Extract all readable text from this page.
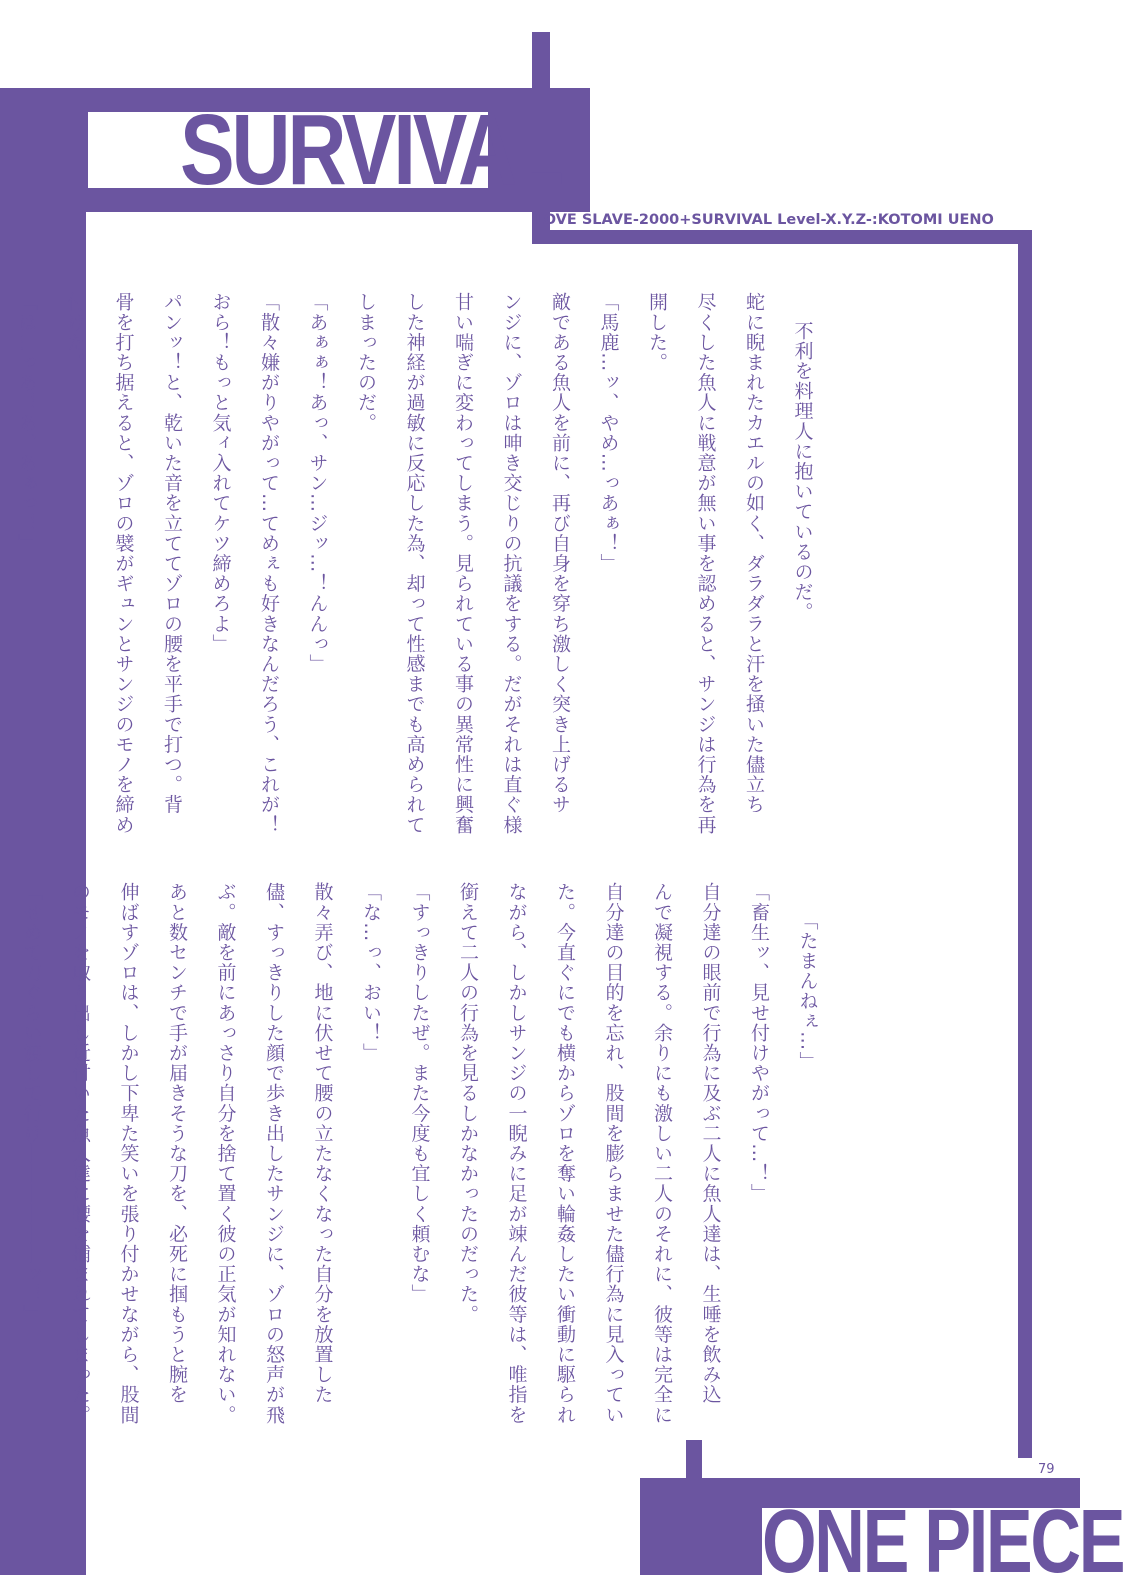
SURVIVAL
LOVE SLAVE-2000+SURVIVAL Level-X.Y.Z-:KOTOMI UENO

不利を料理人に抱いているのだ。
蛇に睨まれたカエルの如く、ダラダラと汗を掻いた儘立ち
尽くした魚人に戦意が無い事を認めると、サンジは行為を再
開した。
「馬鹿…ッ、やめ…っあぁ！」
敵である魚人を前に、再び自身を穿ち激しく突き上げるサ
ンジに、ゾロは呻き交じりの抗議をする。だがそれは直ぐ様
甘い喘ぎに変わってしまう。見られている事の異常性に興奮
した神経が過敏に反応した為、却って性感までも高められて
しまったのだ。
「あぁぁ！あっ、サン…ジッ…！んんっ」
「散々嫌がりやがって…てめぇも好きなんだろう、これが！
おら！もっと気ィ入れてケツ締めろよ」
パンッ！と、乾いた音を立ててゾロの腰を平手で打つ。背
骨を打ち据えると、ゾロの襞がギュンとサンジのモノを締め
付けた。
「は…っあ！あ、あぁっ！」

「たまんねぇ…」
「畜生ッ、見せ付けやがって…！」
自分達の眼前で行為に及ぶ二人に魚人達は、生唾を飲み込
んで凝視する。余りにも激しい二人のそれに、彼等は完全に
自分達の目的を忘れ、股間を膨らませた儘行為に見入ってい
た。今直ぐにでも横からゾロを奪い輪姦したい衝動に駆られ
ながら、しかしサンジの一睨みに足が竦んだ彼等は、唯指を
銜えて二人の行為を見るしかなかったのだった。
「すっきりしたぜ。また今度も宜しく頼むな」
「な…っ、おい！」
散々弄び、地に伏せて腰の立たなくなった自分を放置した
儘、すっきりした顔で歩き出したサンジに、ゾロの怒声が飛
ぶ。敵を前にあっさり自分を捨て置く彼の正気が知れない。
あと数センチで手が届きそうな刀を、必死に掴もうと腕を
伸ばすゾロは、しかし下卑た笑いを張り付かせながら、股間
のモノを取り出し近付いた魚人達に腰を捕まれてしまった。
「せめて刀ぐらい渡して行け――――――ッ！」

79
ONE PIECE
